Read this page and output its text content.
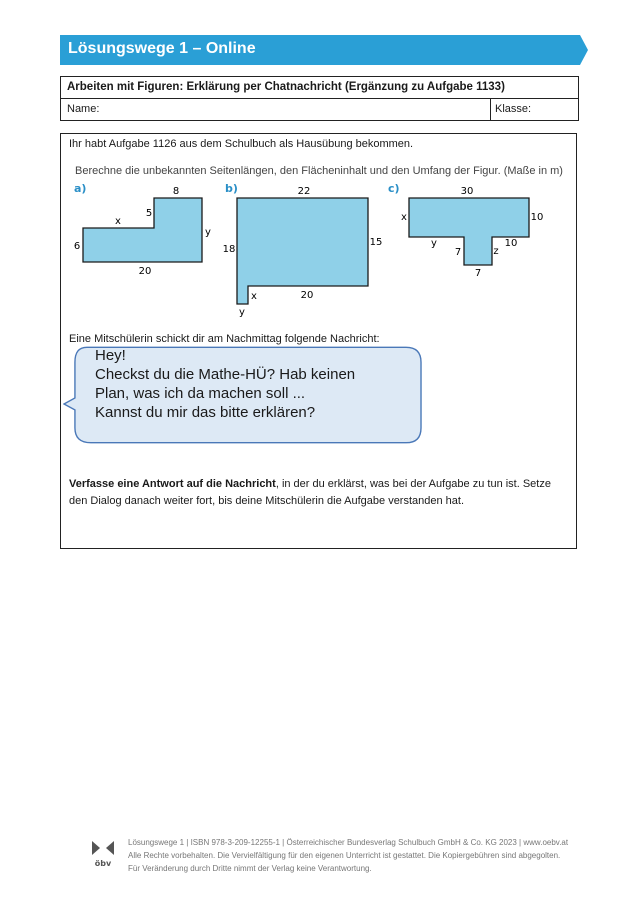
Lösungswege 1 – Online
Arbeiten mit Figuren: Erklärung per Chatnachricht (Ergänzung zu Aufgabe 1133)
Name:	Klasse:
Ihr habt Aufgabe 1126 aus dem Schulbuch als Hausübung bekommen.
Berechne die unbekannten Seitenlängen, den Flächeninhalt und den Umfang der Figur. (Maße in m)
a)	8
5
x
6
y
20
b)	22
18
15
x	20
y
c)	30
x	10
y
7	z
10
7
Eine Mitschülerin schickt dir am Nachmittag folgende Nachricht:
Hey!
Checkst du die Mathe-HÜ? Hab keinen
Plan, was ich da machen soll ...
Kannst du mir das bitte erklären?
Verfasse eine Antwort auf die Nachricht, in der du erklärst, was bei der Aufgabe zu tun ist. Setze den Dialog danach weiter fort, bis deine Mitschülerin die Aufgabe verstanden hat.
öbv
Lösungswege 1 | ISBN 978-3-209-12255-1 | Österreichischer Bundesverlag Schulbuch GmbH & Co. KG 2023 | www.oebv.at
Alle Rechte vorbehalten. Die Vervielfältigung für den eigenen Unterricht ist gestattet. Die Kopiergebühren sind abgegolten.
Für Veränderung durch Dritte nimmt der Verlag keine Verantwortung.
